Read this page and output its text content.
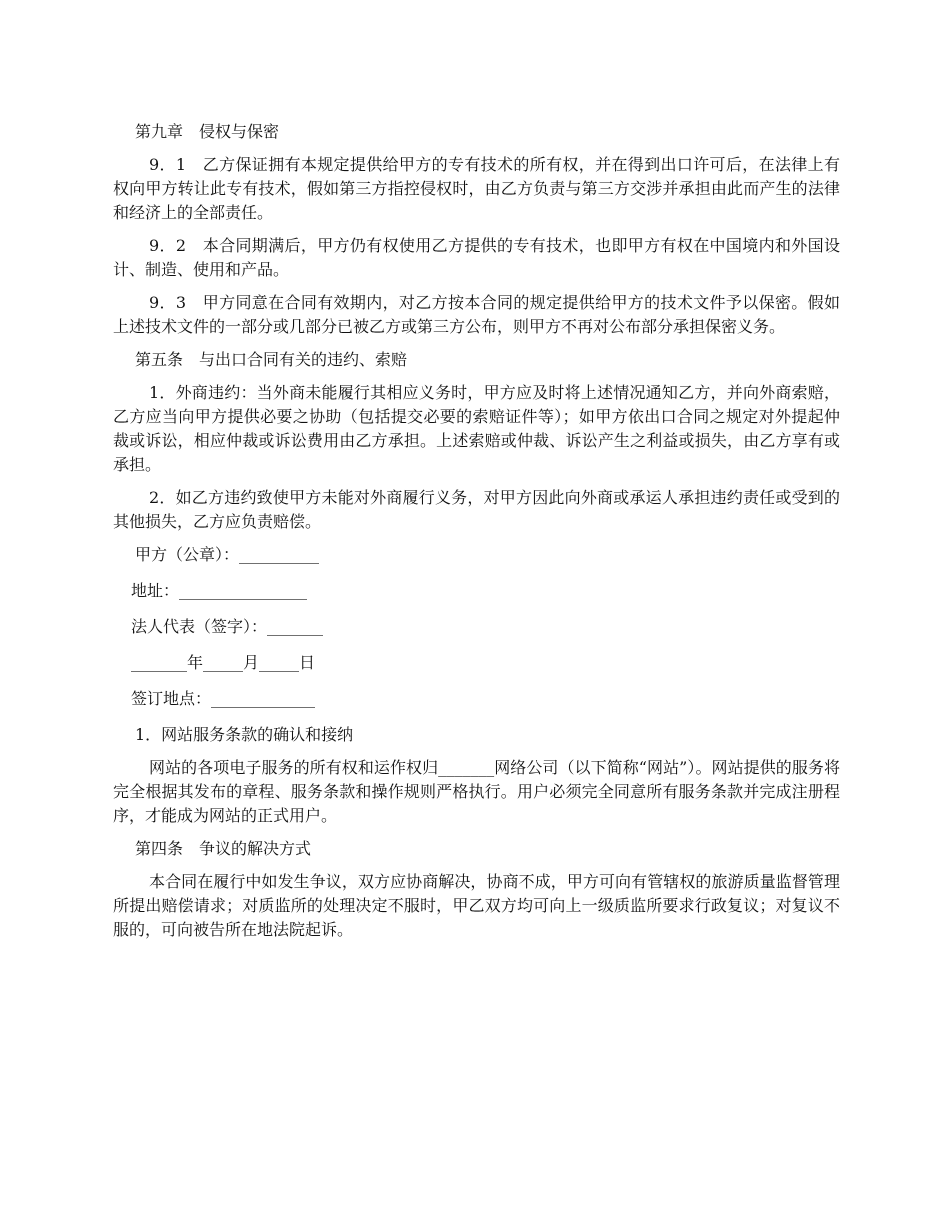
第九章　侵权与保密

9．1　乙方保证拥有本规定提供给甲方的专有技术的所有权，并在得到出口许可后，在法律上有权向甲方转让此专有技术，假如第三方指控侵权时，由乙方负责与第三方交涉并承担由此而产生的法律和经济上的全部责任。

9．2　本合同期满后，甲方仍有权使用乙方提供的专有技术，也即甲方有权在中国境内和外国设计、制造、使用和产品。

9．3　甲方同意在合同有效期内，对乙方按本合同的规定提供给甲方的技术文件予以保密。假如上述技术文件的一部分或几部分已被乙方或第三方公布，则甲方不再对公布部分承担保密义务。

第五条　与出口合同有关的违约、索赔

1．外商违约：当外商未能履行其相应义务时，甲方应及时将上述情况通知乙方，并向外商索赔，乙方应当向甲方提供必要之协助（包括提交必要的索赔证件等）；如甲方依出口合同之规定对外提起仲裁或诉讼，相应仲裁或诉讼费用由乙方承担。上述索赔或仲裁、诉讼产生之利益或损失，由乙方享有或承担。

2．如乙方违约致使甲方未能对外商履行义务，对甲方因此向外商或承运人承担违约责任或受到的其他损失，乙方应负责赔偿。

甲方（公章）：__________
地址：________________
法人代表（签字）：_______
_______年_____月_____日
签订地点：_____________
1．网站服务条款的确认和接纳

网站的各项电子服务的所有权和运作权归_______网络公司（以下简称“网站”）。网站提供的服务将完全根据其发布的章程、服务条款和操作规则严格执行。用户必须完全同意所有服务条款并完成注册程序，才能成为网站的正式用户。

第四条　争议的解决方式

本合同在履行中如发生争议，双方应协商解决，协商不成，甲方可向有管辖权的旅游质量监督管理所提出赔偿请求；对质监所的处理决定不服时，甲乙双方均可向上一级质监所要求行政复议；对复议不服的，可向被告所在地法院起诉。
